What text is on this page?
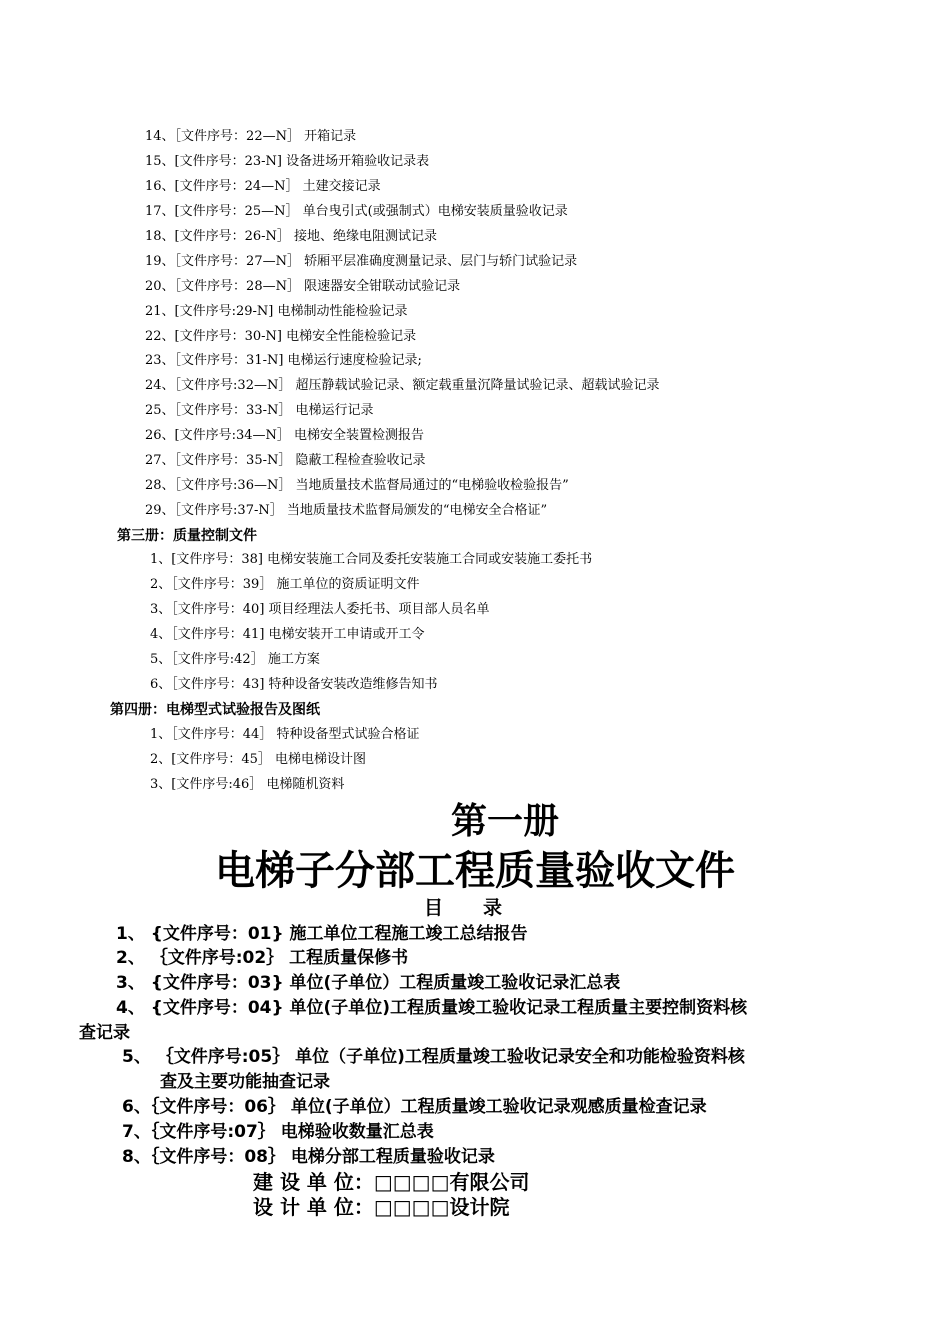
14、［文件序号：22—N］ 开箱记录
15、[文件序号：23-N] 设备进场开箱验收记录表
16、[文件序号：24—N］ 土建交接记录
17、[文件序号：25—N］ 单台曳引式(或强制式）电梯安装质量验收记录
18、[文件序号：26-N］ 接地、绝缘电阻测试记录
19、［文件序号：27—N］ 轿厢平层准确度测量记录、层门与轿门试验记录
20、［文件序号：28—N］ 限速器安全钳联动试验记录
21、[文件序号:29-N] 电梯制动性能检验记录
22、[文件序号：30-N] 电梯安全性能检验记录
23、［文件序号：31-N] 电梯运行速度检验记录;
24、［文件序号:32—N］ 超压静载试验记录、额定载重量沉降量试验记录、超载试验记录
25、［文件序号：33-N］ 电梯运行记录
26、[文件序号:34—N］ 电梯安全装置检测报告
27、［文件序号：35-N］ 隐蔽工程检查验收记录
28、［文件序号:36—N］ 当地质量技术监督局通过的“电梯验收检验报告”
29、［文件序号:37-N］ 当地质量技术监督局颁发的“电梯安全合格证”
第三册：质量控制文件
1、[文件序号：38] 电梯安装施工合同及委托安装施工合同或安装施工委托书
2、［文件序号：39］ 施工单位的资质证明文件
3、［文件序号：40] 项目经理法人委托书、项目部人员名单
4、［文件序号：41] 电梯安装开工申请或开工令
5、［文件序号:42］ 施工方案
6、［文件序号：43] 特种设备安装改造维修告知书
第四册：电梯型式试验报告及图纸
1、［文件序号：44］ 特种设备型式试验合格证
2、[文件序号：45］ 电梯电梯设计图
3、[文件序号:46］ 电梯随机资料
第一册
电梯子分部工程质量验收文件
目录
1、 {文件序号：01} 施工单位工程施工竣工总结报告
2、 ｛文件序号:02｝ 工程质量保修书
3、 {文件序号：03} 单位(子单位）工程质量竣工验收记录汇总表
4、 {文件序号：04} 单位(子单位)工程质量竣工验收记录工程质量主要控制资料核
查记录
5、 ｛文件序号:05｝ 单位（子单位)工程质量竣工验收记录安全和功能检验资料核
查及主要功能抽查记录
6、｛文件序号：06｝ 单位(子单位）工程质量竣工验收记录观感质量检查记录
7、｛文件序号:07｝ 电梯验收数量汇总表
8、｛文件序号：08｝ 电梯分部工程质量验收记录
建 设 单 位：□□□□有限公司
设 计 单 位：□□□□设计院
